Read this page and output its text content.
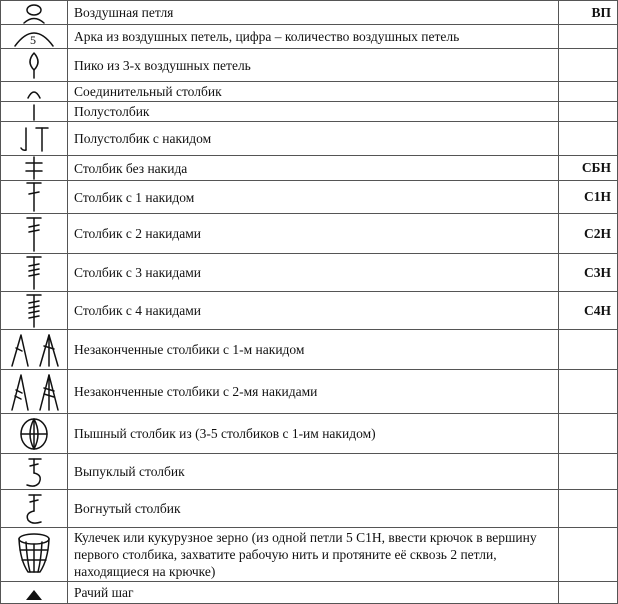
	Воздушная петля	ВП

5	Арка из воздушных петель, цифра – количество воздушных петель	

	Пико из 3-х воздушных петель	

	Соединительный столбик	

	Полустолбик	

	Полустолбик с накидом	

	Столбик без накида	СБН

	Столбик с 1 накидом	С1Н

	Столбик с 2 накидами	С2Н

	Столбик с 3 накидами	С3Н

	Столбик с 4 накидами	С4Н

	Незаконченные столбики с 1-м накидом	

	Незаконченные столбики с 2-мя накидами	

	Пышный столбик из (3-5 столбиков с 1-им накидом)	

	Выпуклый столбик	

	Вогнутый столбик	

	Кулечек или кукурузное зерно (из одной петли 5 С1Н, ввести крючок в вершину первого столбика, захватите рабочую нить и протяните её сквозь 2 петли, находящиеся на крючке)	

	Рачий шаг	
